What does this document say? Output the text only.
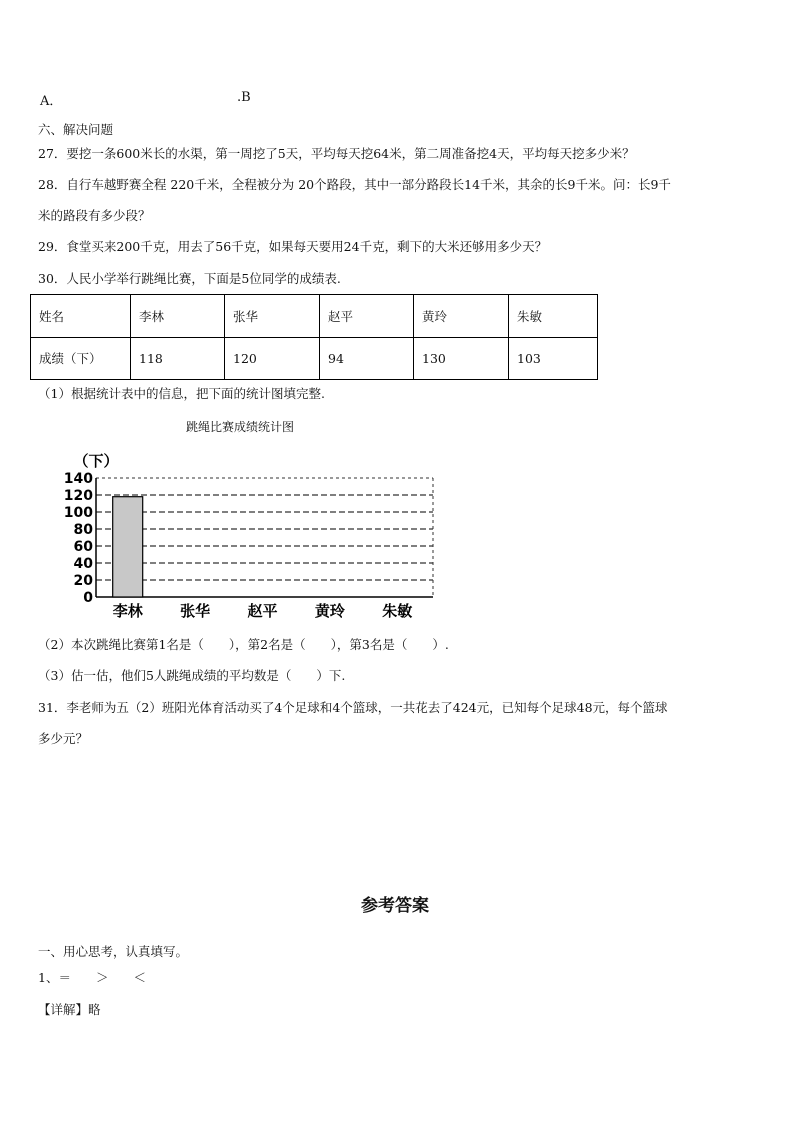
A．	.B
六、解决问题
27．要挖一条600米长的水渠，第一周挖了5天，平均每天挖64米，第二周准备挖4天，平均每天挖多少米？
28．自行车越野赛全程 220千米，全程被分为 20个路段，其中一部分路段长14千米，其余的长9千米。问：长9千
米的路段有多少段？
29．食堂买来200千克，用去了56千克，如果每天要用24千克，剩下的大米还够用多少天？
30．人民小学举行跳绳比赛，下面是5位同学的成绩表.
姓名	李林	张华	赵平	黄玲	朱敏
成绩（下）	118	120	94	130	103
（1）根据统计表中的信息，把下面的统计图填完整.
跳绳比赛成绩统计图
（下）
0
20
40
60
80
100
120
140
李林 张华 赵平 黄玲 朱敏
（2）本次跳绳比赛第1名是（　　），第2名是（　　），第3名是（　　）.
（3）估一估，他们5人跳绳成绩的平均数是（　　）下.
31．李老师为五（2）班阳光体育活动买了4个足球和4个篮球，一共花去了424元，已知每个足球48元，每个篮球
多少元？
参考答案
一、用心思考，认真填写。
1、＝　　＞　　＜
【详解】略
